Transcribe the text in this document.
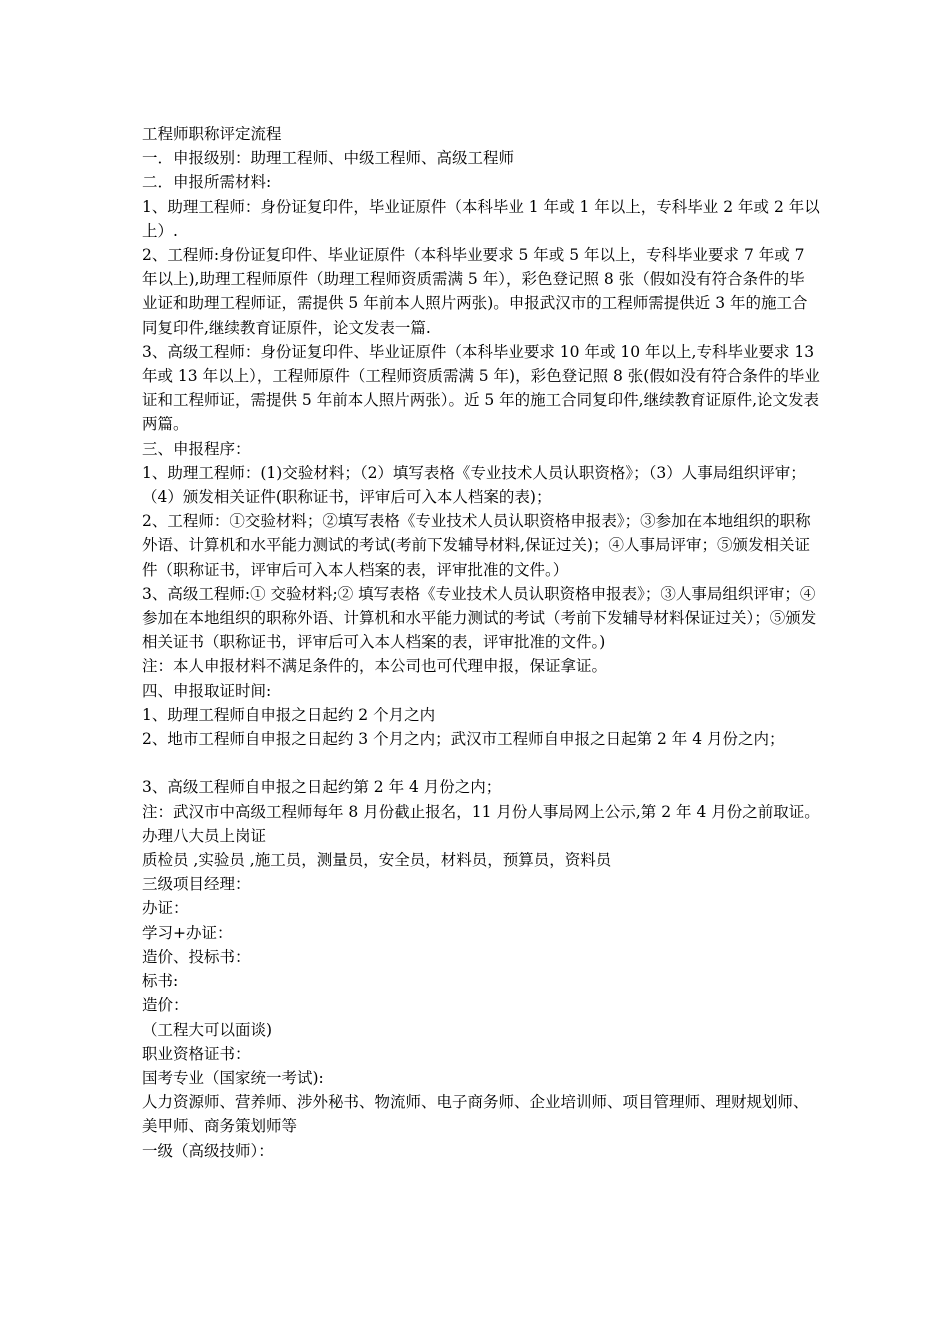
工程师职称评定流程

一．申报级别：助理工程师、中级工程师、高级工程师

二．申报所需材料:

1、助理工程师：身份证复印件，毕业证原件（本科毕业 1 年或 1 年以上，专科毕业 2 年或 2 年以上）.

2、工程师:身份证复印件、毕业证原件（本科毕业要求 5 年或 5 年以上，专科毕业要求 7 年或 7 年以上),助理工程师原件（助理工程师资质需满 5 年），彩色登记照 8 张（假如没有符合条件的毕业证和助理工程师证，需提供 5 年前本人照片两张)。申报武汉市的工程师需提供近 3 年的施工合同复印件,继续教育证原件，论文发表一篇.

3、高级工程师：身份证复印件、毕业证原件（本科毕业要求 10 年或 10 年以上,专科毕业要求 13 年或 13 年以上），工程师原件（工程师资质需满 5 年)，彩色登记照 8 张(假如没有符合条件的毕业证和工程师证，需提供 5 年前本人照片两张）。近 5 年的施工合同复印件,继续教育证原件,论文发表两篇。

三、申报程序：

1、助理工程师：(1)交验材料；（2）填写表格《专业技术人员认职资格》；（3）人事局组织评审；（4）颁发相关证件(职称证书，评审后可入本人档案的表)；

2、工程师：①交验材料；②填写表格《专业技术人员认职资格申报表》；③参加在本地组织的职称外语、计算机和水平能力测试的考试(考前下发辅导材料,保证过关)；④人事局评审；⑤颁发相关证件（职称证书，评审后可入本人档案的表，评审批准的文件。）

3、高级工程师:① 交验材料;② 填写表格《专业技术人员认职资格申报表》；③人事局组织评审；④参加在本地组织的职称外语、计算机和水平能力测试的考试（考前下发辅导材料保证过关）；⑤颁发相关证书（职称证书，评审后可入本人档案的表，评审批准的文件。)

注：本人申报材料不满足条件的，本公司也可代理申报，保证拿证。

四、申报取证时间:

1、助理工程师自申报之日起约 2 个月之内

2、地市工程师自申报之日起约 3 个月之内；武汉市工程师自申报之日起第 2 年 4 月份之内；

3、高级工程师自申报之日起约第 2 年 4 月份之内；

注：武汉市中高级工程师每年 8 月份截止报名，11 月份人事局网上公示,第 2 年 4 月份之前取证。

办理八大员上岗证

质检员 ,实验员 ,施工员，测量员，安全员，材料员，预算员，资料员

三级项目经理：

办证：

学习+办证：

造价、投标书：

标书:

造价：

（工程大可以面谈)

职业资格证书：

国考专业（国家统一考试):

人力资源师、营养师、涉外秘书、物流师、电子商务师、企业培训师、项目管理师、理财规划师、美甲师、商务策划师等

一级（高级技师）：
